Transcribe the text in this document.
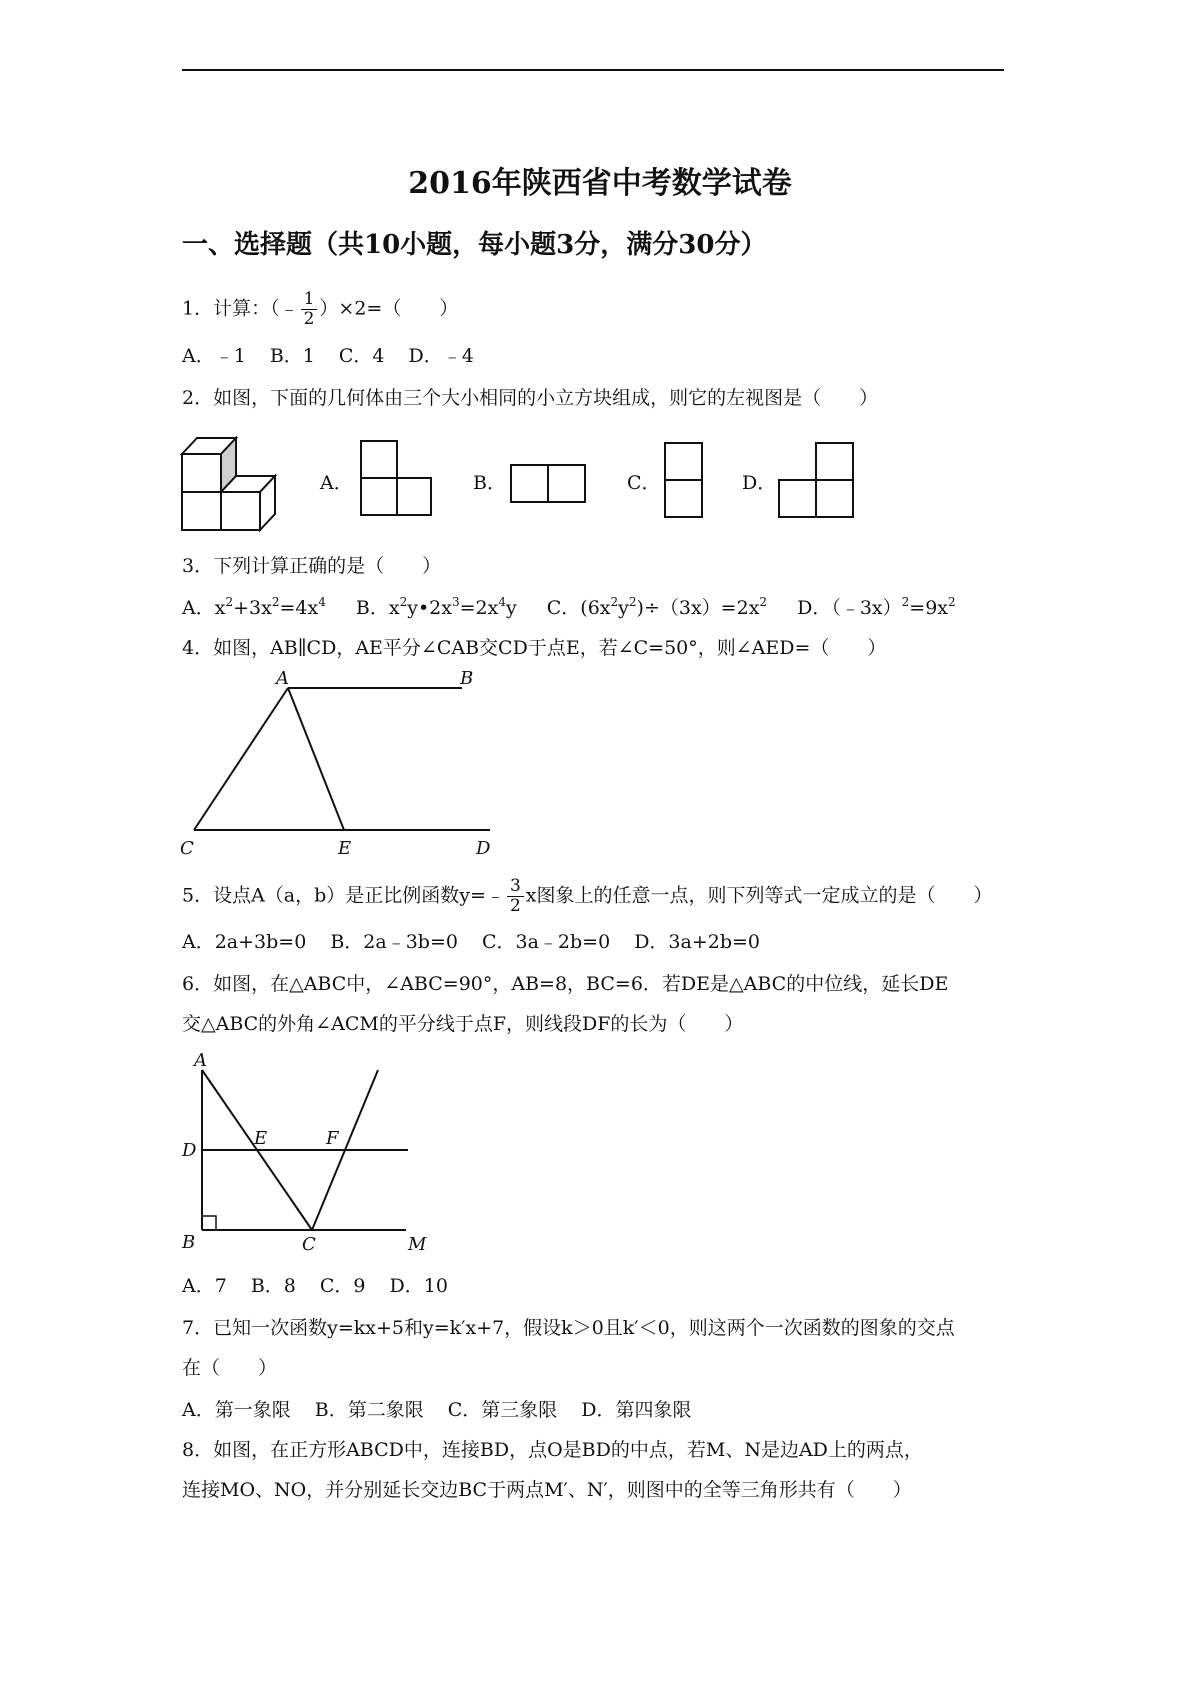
2016年陕西省中考数学试卷
一、选择题（共10小题，每小题3分，满分30分）
1．计算：（﹣ $\frac{1}{2} )\times 2=$（　　）
A．﹣1 B．1 C．4 D．﹣4
2．如图，下面的几何体由三个大小相同的小立方块组成，则它的左视图是（　　）
A．	B．	C．	D．
3．下列计算正确的是（　　）
A．$x^2+3x^2=4x^4$ B．$x^2y•2x^3=2x^4y$ C．$(6x^2y^2)\div(3x)=2x^2$ D．$(﹣3x)^2=9x^2$
4．如图，AB∥CD，AE平分∠CAB交CD于点E，若∠C=50°，则∠AED=（　　）
A	B
C	E	D
5．设点A（a，b）是正比例函数y=﹣ $\frac{3}{2}$ x图象上的任意一点，则下列等式一定成立的是（　　）
A．2a+3b=0 B．2a﹣3b=0 C．3a﹣2b=0 D．3a+2b=0
6．如图，在△ABC中，∠ABC=90°，AB=8，BC=6．若DE是△ABC的中位线，延长DE
交△ABC的外角∠ACM的平分线于点F，则线段DF的长为（　　）
A
D
E	F
B	C	M
A．7 B．8 C．9 D．10
7．已知一次函数y=kx+5和y=k′x+7，假设k＞0且k′＜0，则这两个一次函数的图象的交点
在（　　）
A．第一象限 B．第二象限 C．第三象限 D．第四象限
8．如图，在正方形ABCD中，连接BD，点O是BD的中点，若M、N是边AD上的两点，
连接MO、NO，并分别延长交边BC于两点M′、N′，则图中的全等三角形共有（　　）
